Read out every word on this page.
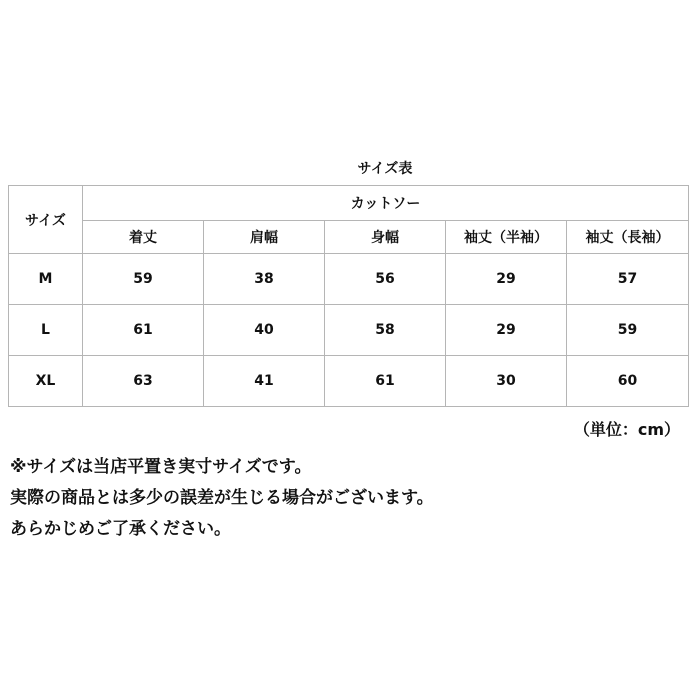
サイズ表
サイズ	カットソー				
	着丈	肩幅	身幅	袖丈（半袖）	袖丈（長袖）
M	59	38	56	29	57
L	61	40	58	29	59
XL	63	41	61	30	60
（単位：cm）
※サイズは当店平置き実寸サイズです。
実際の商品とは多少の誤差が生じる場合がございます。
あらかじめご了承ください。
